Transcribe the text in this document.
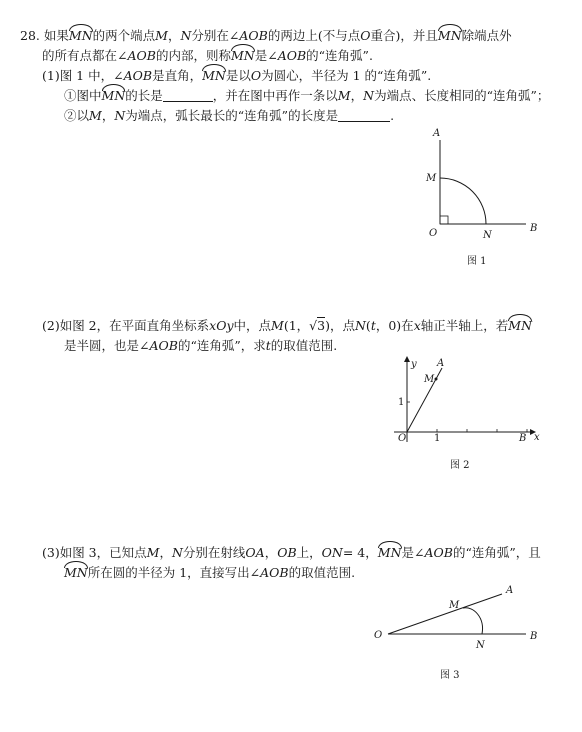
28. 如果MN的两个端点M，N分别在∠AOB的两边上(不与点O重合)，并且MN除端点外
的所有点都在∠AOB的内部，则称MN是∠AOB的“连角弧”.
(1)图 1 中，∠AOB是直角，MN是以O为圆心，半径为 1 的“连角弧”.
①图中MN的长是	，并在图中再作一条以M，N为端点、长度相同的“连角弧”；
②以M，N为端点，弧长最长的“连角弧”的长度是	.
A
M
O	N
B
图 1
(2)如图 2，在平面直角坐标系xOy中，点M(1，√3)，点N(t，0)在x轴正半轴上，若MN
是半圆，也是∠AOB的“连角弧”，求t的取值范围.
y A
M
1
O	1	B x
图 2
(3)如图 3，已知点M，N分别在射线OA，OB上，ON= 4，MN是∠AOB的“连角弧”，且
MN所在圆的半径为 1，直接写出∠AOB的取值范围.
M
A
O	B
N
图 3
